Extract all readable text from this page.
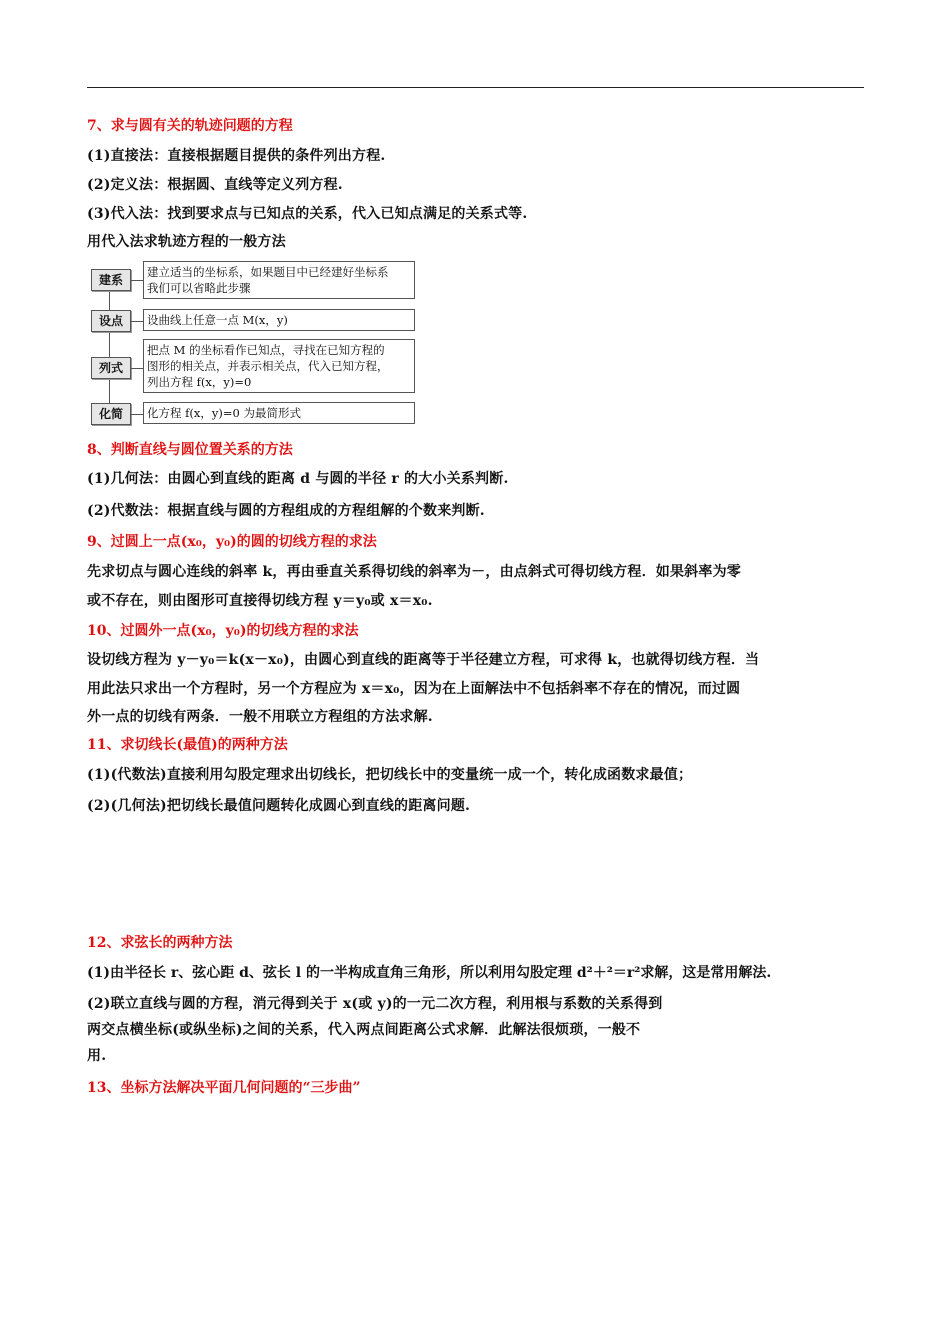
7、求与圆有关的轨迹问题的方程
(1)直接法：直接根据题目提供的条件列出方程.
(2)定义法：根据圆、直线等定义列方程.
(3)代入法：找到要求点与已知点的关系，代入已知点满足的关系式等.
用代入法求轨迹方程的一般方法
建系
建立适当的坐标系，如果题目中已经建好坐标系
我们可以省略此步骤
设点	设曲线上任意一点 M(x，y)
列式
把点 M 的坐标看作已知点，寻找在已知方程的
图形的相关点，并表示相关点，代入已知方程，
列出方程 f(x，y)=0
化简	化方程 f(x，y)=0 为最简形式
8、判断直线与圆位置关系的方法
(1)几何法：由圆心到直线的距离 d 与圆的半径 r 的大小关系判断.
(2)代数法：根据直线与圆的方程组成的方程组解的个数来判断.
9、过圆上一点(x₀，y₀)的圆的切线方程的求法
先求切点与圆心连线的斜率 k，再由垂直关系得切线的斜率为－，由点斜式可得切线方程．如果斜率为零
或不存在，则由图形可直接得切线方程 y＝y₀或 x＝x₀.
10、过圆外一点(x₀，y₀)的切线方程的求法
设切线方程为 y－y₀＝k(x－x₀)，由圆心到直线的距离等于半径建立方程，可求得 k，也就得切线方程．当
用此法只求出一个方程时，另一个方程应为 x＝x₀，因为在上面解法中不包括斜率不存在的情况，而过圆
外一点的切线有两条．一般不用联立方程组的方法求解.
11、求切线长(最值)的两种方法
(1)(代数法)直接利用勾股定理求出切线长，把切线长中的变量统一成一个，转化成函数求最值；
(2)(几何法)把切线长最值问题转化成圆心到直线的距离问题.
12、求弦长的两种方法
(1)由半径长 r、弦心距 d、弦长 l 的一半构成直角三角形，所以利用勾股定理 d²＋²＝r²求解，这是常用解法.
(2)联立直线与圆的方程，消元得到关于 x(或 y)的一元二次方程，利用根与系数的关系得到
两交点横坐标(或纵坐标)之间的关系，代入两点间距离公式求解．此解法很烦琐，一般不
用.
13、坐标方法解决平面几何问题的“三步曲”
